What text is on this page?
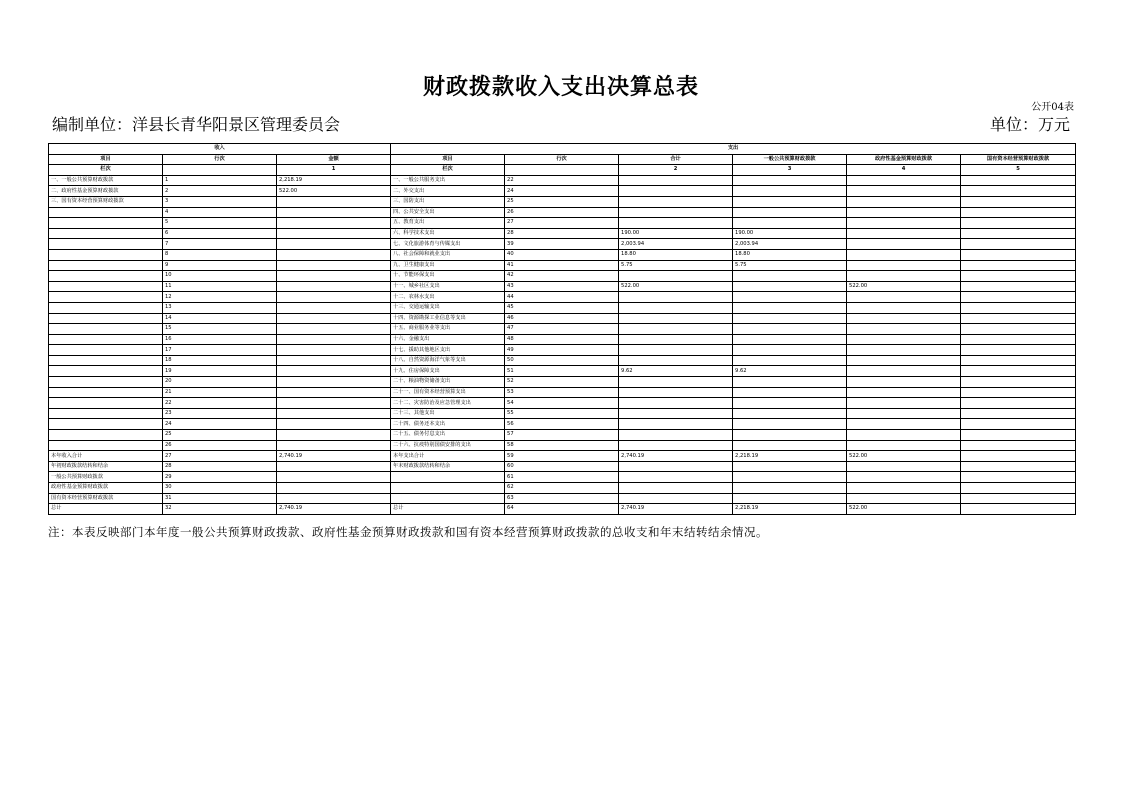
财政拨款收入支出决算总表
公开04表
编制单位：洋县长青华阳景区管理委员会	单位：万元
收入			支出					
项目	行次	金额	项目	行次	合计	一般公共预算财政拨款	政府性基金预算财政拨款	国有资本经营预算财政拨款
栏次		1	栏次		2	3	4	5
一、一般公共预算财政拨款	1	2,218.19	一、一般公共服务支出	22				
二、政府性基金预算财政拨款	2	522.00	二、外交支出	24				
三、国有资本经营预算财政拨款	3		三、国防支出	25				
	4		四、公共安全支出	26				
	5		五、教育支出	27				
	6		六、科学技术支出	28	190.00	190.00		
	7		七、文化旅游体育与传媒支出	39	2,003.94	2,003.94		
	8		八、社会保障和就业支出	40	18.80	18.80		
	9		九、卫生健康支出	41	5.75	5.75		
	10		十、节能环保支出	42				
	11		十一、城乡社区支出	43	522.00		522.00	
	12		十二、农林水支出	44				
	13		十三、交通运输支出	45				
	14		十四、资源勘探工业信息等支出	46				
	15		十五、商业服务业等支出	47				
	16		十六、金融支出	48				
	17		十七、援助其他地区支出	49				
	18		十八、自然资源海洋气象等支出	50				
	19		十九、住房保障支出	51	9.62	9.62		
	20		二十、粮油物资储备支出	52				
	21		二十一、国有资本经营预算支出	53				
	22		二十二、灾害防治及应急管理支出	54				
	23		二十三、其他支出	55				
	24		二十四、债务还本支出	56				
	25		二十五、债务付息支出	57				
	26		二十六、抗疫特别国债安排的支出	58				
本年收入合计	27	2,740.19	本年支出合计	59	2,740.19	2,218.19	522.00	
年初财政拨款结转和结余	28		年末财政拨款结转和结余	60				
一般公共预算财政拨款	29			61				
政府性基金预算财政拨款	30			62				
国有资本经营预算财政拨款	31			63				
总计	32	2,740.19	总计	64	2,740.19	2,218.19	522.00	
注：本表反映部门本年度一般公共预算财政拨款、政府性基金预算财政拨款和国有资本经营预算财政拨款的总收支和年末结转结余情况。
